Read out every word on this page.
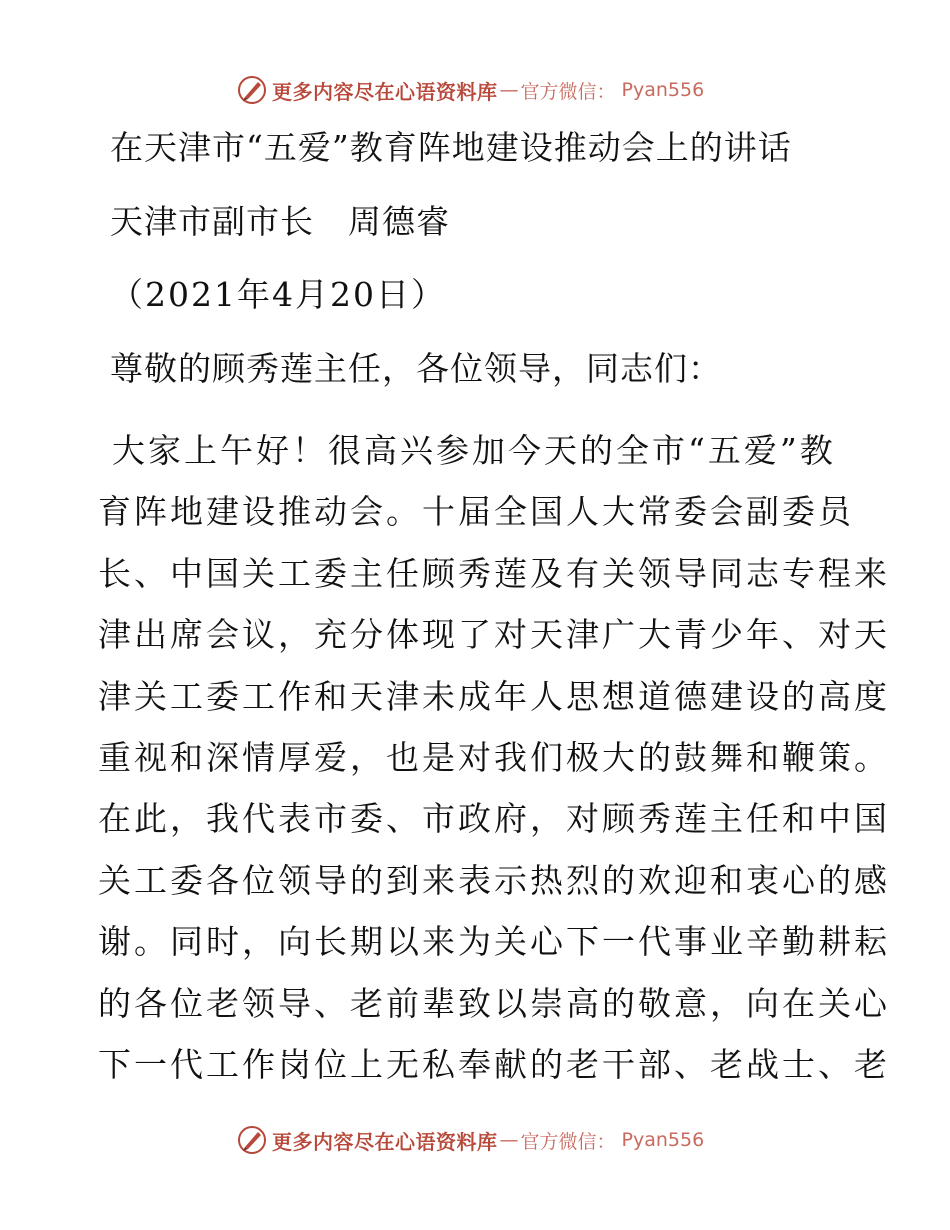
更多内容尽在心语资料库 — 官方微信 ： Pyan556
在天津市“五爱”教育阵地建设推动会上的讲话
天津市副市长　周德睿
（2021年4月20日）
尊敬的顾秀莲主任，各位领导，同志们：
大家上午好！很高兴参加今天的全市“五爱”教
育阵地建设推动会。十届全国人大常委会副委员
长、中国关工委主任顾秀莲及有关领导同志专程来
津出席会议，充分体现了对天津广大青少年、对天
津关工委工作和天津未成年人思想道德建设的高度
重视和深情厚爱，也是对我们极大的鼓舞和鞭策。
在此，我代表市委、市政府，对顾秀莲主任和中国
关工委各位领导的到来表示热烈的欢迎和衷心的感
谢。同时，向长期以来为关心下一代事业辛勤耕耘
的各位老领导、老前辈致以崇高的敬意，向在关心
下一代工作岗位上无私奉献的老干部、老战士、老
更多内容尽在心语资料库 — 官方微信 ： Pyan556
